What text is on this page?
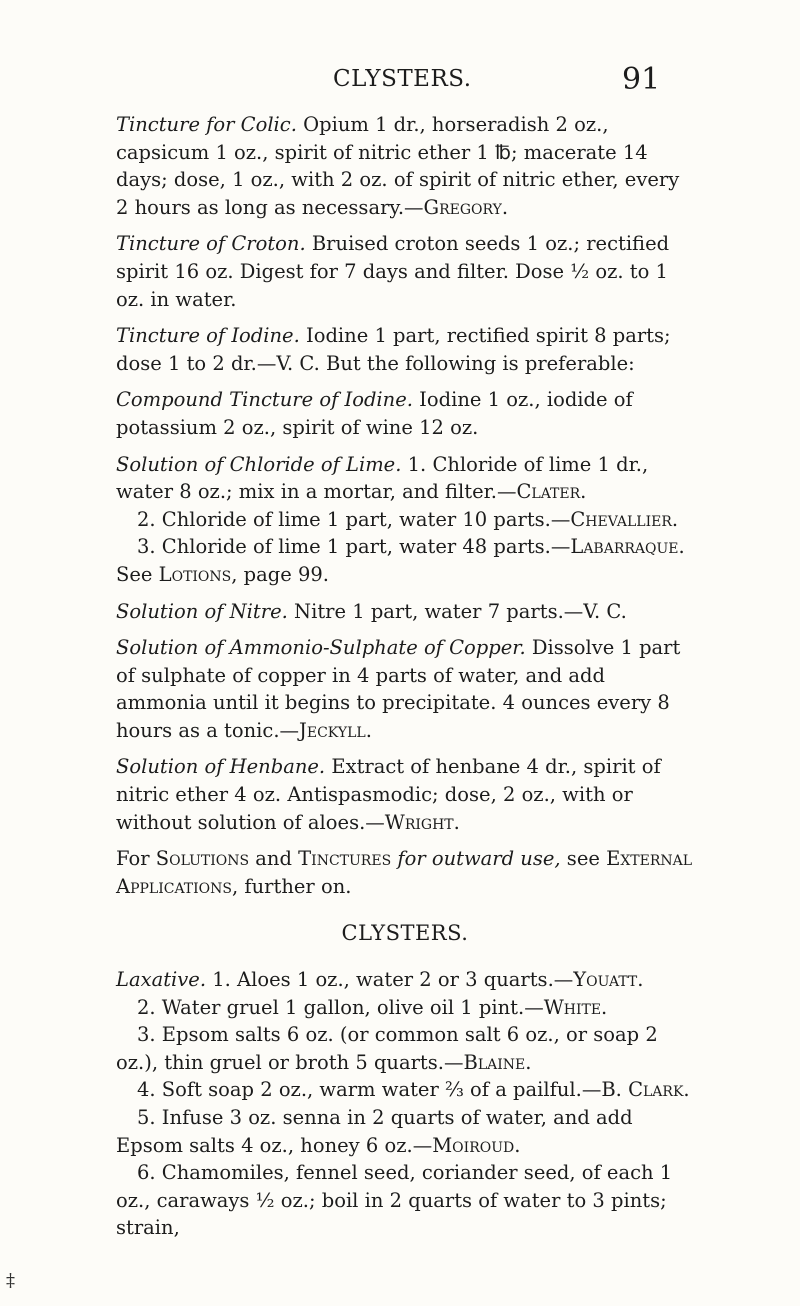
CLYSTERS.	91

Tincture for Colic. Opium 1 dr., horseradish 2 oz., capsicum 1 oz., spirit of nitric ether 1 ℔; macerate 14 days; dose, 1 oz., with 2 oz. of spirit of nitric ether, every 2 hours as long as necessary.—Gregory.

Tincture of Croton. Bruised croton seeds 1 oz.; rectified spirit 16 oz. Digest for 7 days and filter. Dose ½ oz. to 1 oz. in water.

Tincture of Iodine. Iodine 1 part, rectified spirit 8 parts; dose 1 to 2 dr.—V. C. But the following is preferable:

Compound Tincture of Iodine. Iodine 1 oz., iodide of potassium 2 oz., spirit of wine 12 oz.

Solution of Chloride of Lime. 1. Chloride of lime 1 dr., water 8 oz.; mix in a mortar, and filter.—Clater.

2. Chloride of lime 1 part, water 10 parts.—Chevallier.

3. Chloride of lime 1 part, water 48 parts.—Labarraque. See Lotions, page 99.

Solution of Nitre. Nitre 1 part, water 7 parts.—V. C.

Solution of Ammonio-Sulphate of Copper. Dissolve 1 part of sulphate of copper in 4 parts of water, and add ammonia until it begins to precipitate. 4 ounces every 8 hours as a tonic.—Jeckyll.

Solution of Henbane. Extract of henbane 4 dr., spirit of nitric ether 4 oz. Antispasmodic; dose, 2 oz., with or without solution of aloes.—Wright.

For Solutions and Tinctures for outward use, see External Applications, further on.

CLYSTERS.

Laxative. 1. Aloes 1 oz., water 2 or 3 quarts.—Youatt.

2. Water gruel 1 gallon, olive oil 1 pint.—White.

3. Epsom salts 6 oz. (or common salt 6 oz., or soap 2 oz.), thin gruel or broth 5 quarts.—Blaine.

4. Soft soap 2 oz., warm water ⅔ of a pailful.—B. Clark.

5. Infuse 3 oz. senna in 2 quarts of water, and add Epsom salts 4 oz., honey 6 oz.—Moiroud.

6. Chamomiles, fennel seed, coriander seed, of each 1 oz., caraways ½ oz.; boil in 2 quarts of water to 3 pints; strain,

‡
